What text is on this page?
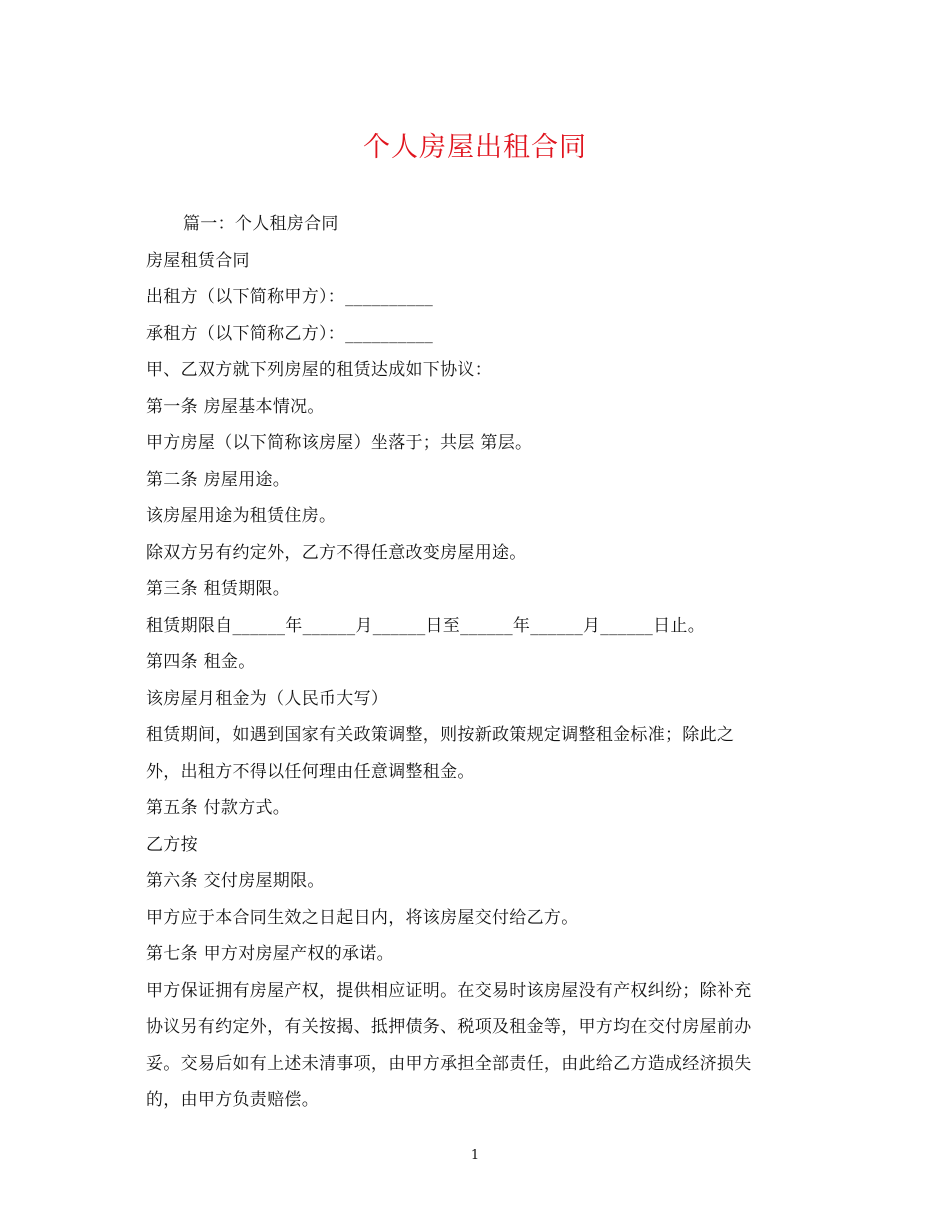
个人房屋出租合同
篇一：个人租房合同
房屋租赁合同
出租方（以下简称甲方）：__________
承租方（以下简称乙方）：__________
甲、乙双方就下列房屋的租赁达成如下协议：
第一条 房屋基本情况。
甲方房屋（以下简称该房屋）坐落于；共层 第层。
第二条 房屋用途。
该房屋用途为租赁住房。
除双方另有约定外，乙方不得任意改变房屋用途。
第三条 租赁期限。
租赁期限自______年______月______日至______年______月______日止。
第四条 租金。
该房屋月租金为（人民币大写）
租赁期间，如遇到国家有关政策调整，则按新政策规定调整租金标准；除此之
外，出租方不得以任何理由任意调整租金。
第五条 付款方式。
乙方按
第六条 交付房屋期限。
甲方应于本合同生效之日起日内，将该房屋交付给乙方。
第七条 甲方对房屋产权的承诺。
甲方保证拥有房屋产权，提供相应证明。在交易时该房屋没有产权纠纷；除补充
协议另有约定外，有关按揭、抵押债务、税项及租金等，甲方均在交付房屋前办
妥。交易后如有上述未清事项，由甲方承担全部责任，由此给乙方造成经济损失
的，由甲方负责赔偿。
1
